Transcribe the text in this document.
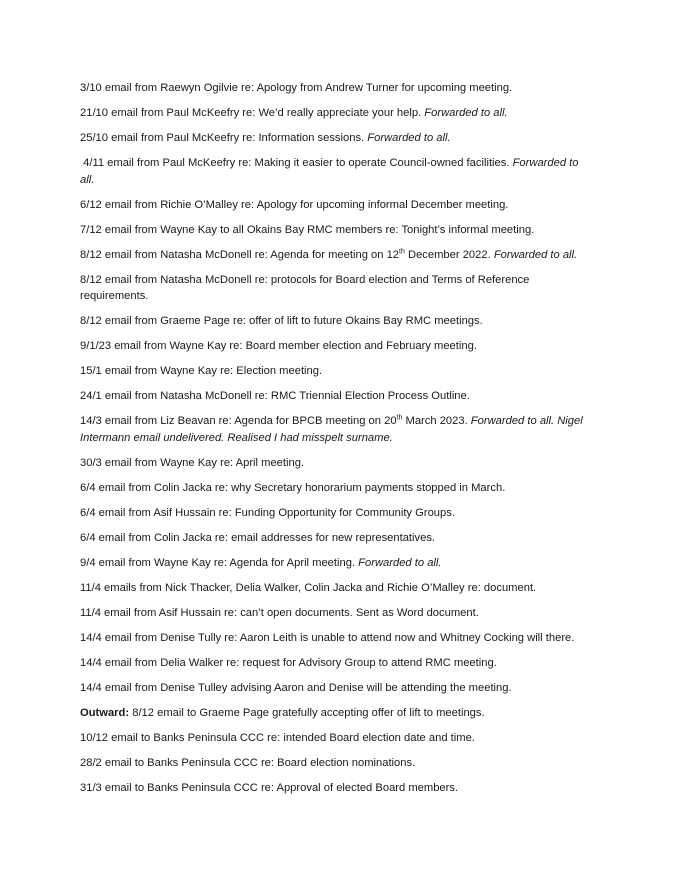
3/10 email from Raewyn Ogilvie re: Apology from Andrew Turner for upcoming meeting.

21/10 email from Paul McKeefry re: We’d really appreciate your help. Forwarded to all.

25/10 email from Paul McKeefry re: Information sessions. Forwarded to all.

4/11 email from Paul McKeefry re: Making it easier to operate Council-owned facilities. Forwarded to all.

6/12 email from Richie O’Malley re: Apology for upcoming informal December meeting.

7/12 email from Wayne Kay to all Okains Bay RMC members re: Tonight’s informal meeting.

8/12 email from Natasha McDonell re: Agenda for meeting on 12th December 2022. Forwarded to all.

8/12 email from Natasha McDonell re: protocols for Board election and Terms of Reference requirements.

8/12 email from Graeme Page re: offer of lift to future Okains Bay RMC meetings.

9/1/23 email from Wayne Kay re: Board member election and February meeting.

15/1 email from Wayne Kay re: Election meeting.

24/1 email from Natasha McDonell re: RMC Triennial Election Process Outline.

14/3 email from Liz Beavan re: Agenda for BPCB meeting on 20th March 2023. Forwarded to all. Nigel Intermann email undelivered. Realised I had misspelt surname.

30/3 email from Wayne Kay re: April meeting.

6/4 email from Colin Jacka re: why Secretary honorarium payments stopped in March.

6/4 email from Asif Hussain re: Funding Opportunity for Community Groups.

6/4 email from Colin Jacka re: email addresses for new representatives.

9/4 email from Wayne Kay re: Agenda for April meeting. Forwarded to all.

11/4 emails from Nick Thacker, Delia Walker, Colin Jacka and Richie O’Malley re: document.

11/4 email from Asif Hussain re: can’t open documents. Sent as Word document.

14/4 email from Denise Tully re: Aaron Leith is unable to attend now and Whitney Cocking will there.

14/4 email from Delia Walker re: request for Advisory Group to attend RMC meeting.

14/4 email from Denise Tulley advising Aaron and Denise will be attending the meeting.

Outward: 8/12 email to Graeme Page gratefully accepting offer of lift to meetings.

10/12 email to Banks Peninsula CCC re: intended Board election date and time.

28/2 email to Banks Peninsula CCC re: Board election nominations.

31/3 email to Banks Peninsula CCC re: Approval of elected Board members.
